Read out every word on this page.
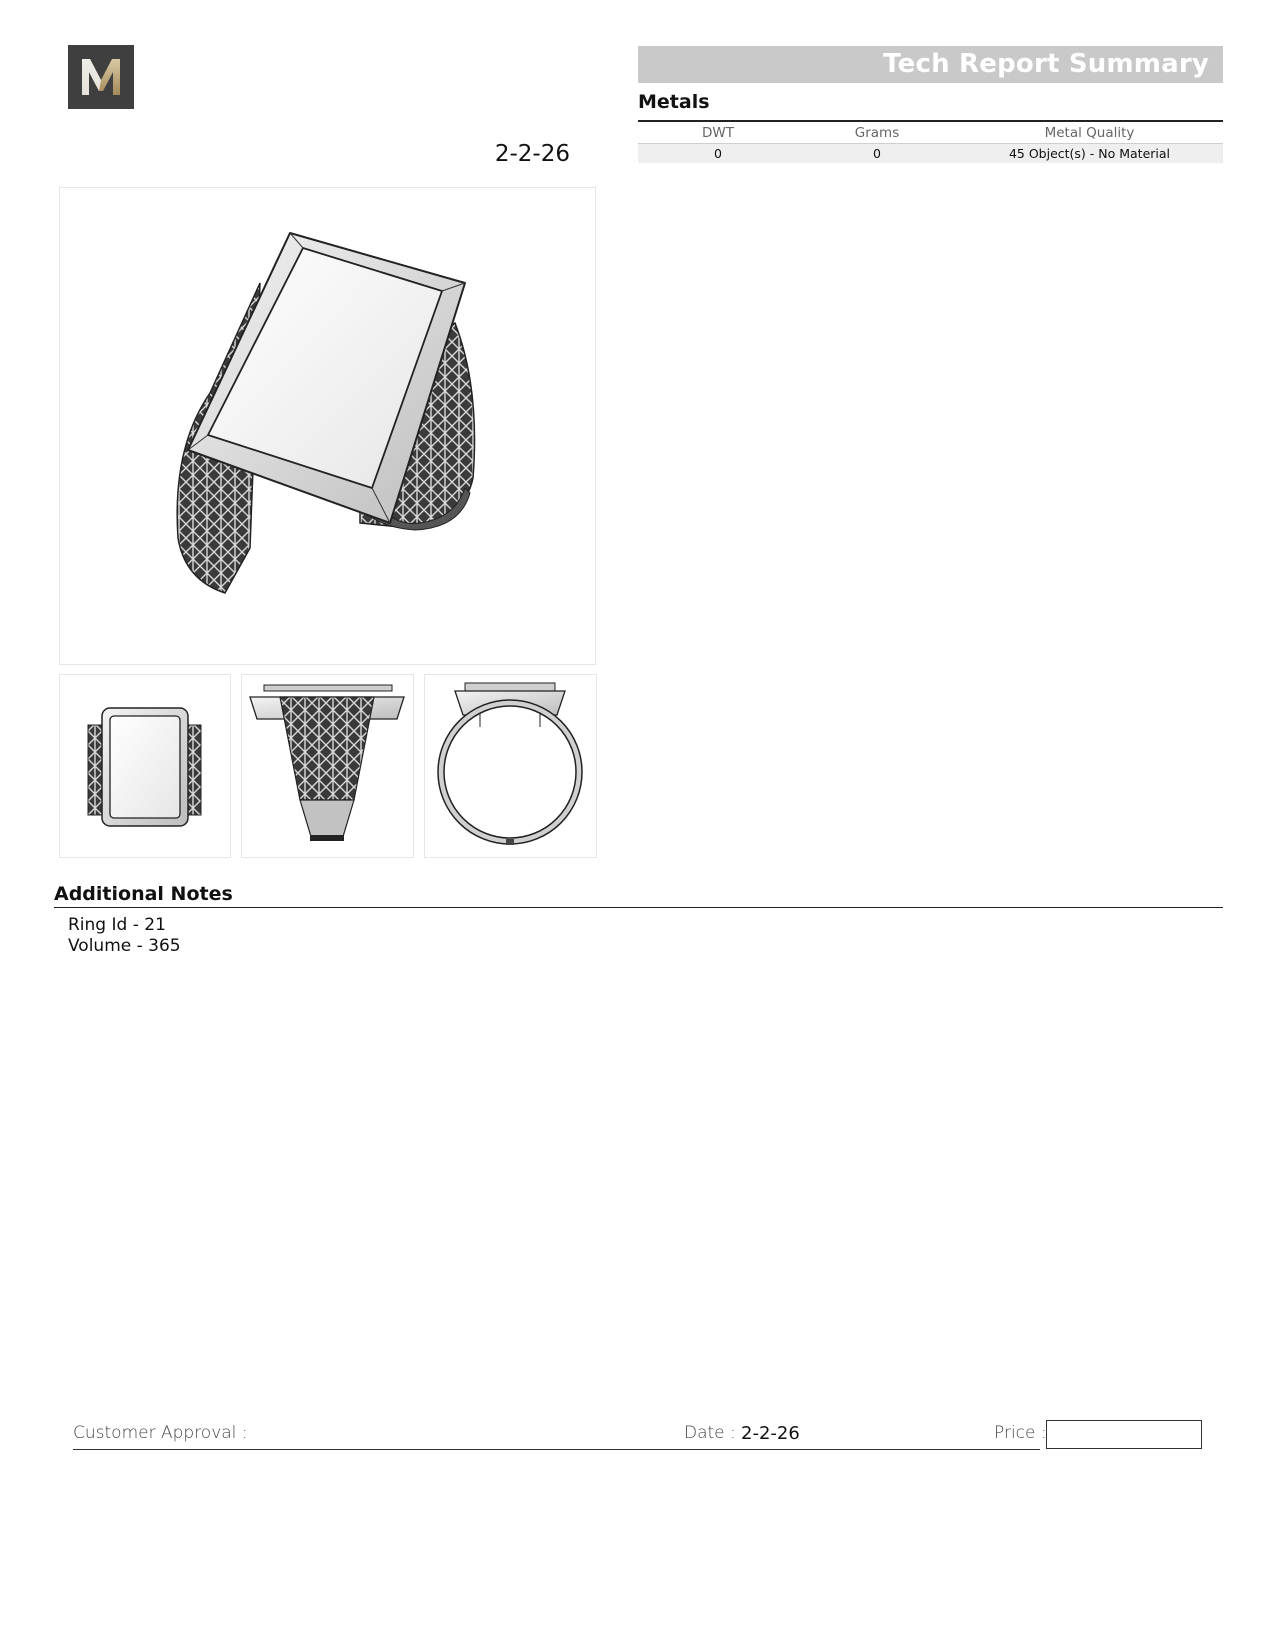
2-2-26
Tech Report Summary
Metals
DWT	Grams	Metal Quality
0	0	45 Object(s) - No Material
Additional Notes
Ring Id - 21
Volume - 365
Customer Approval :	Date : 2-2-26	Price :
